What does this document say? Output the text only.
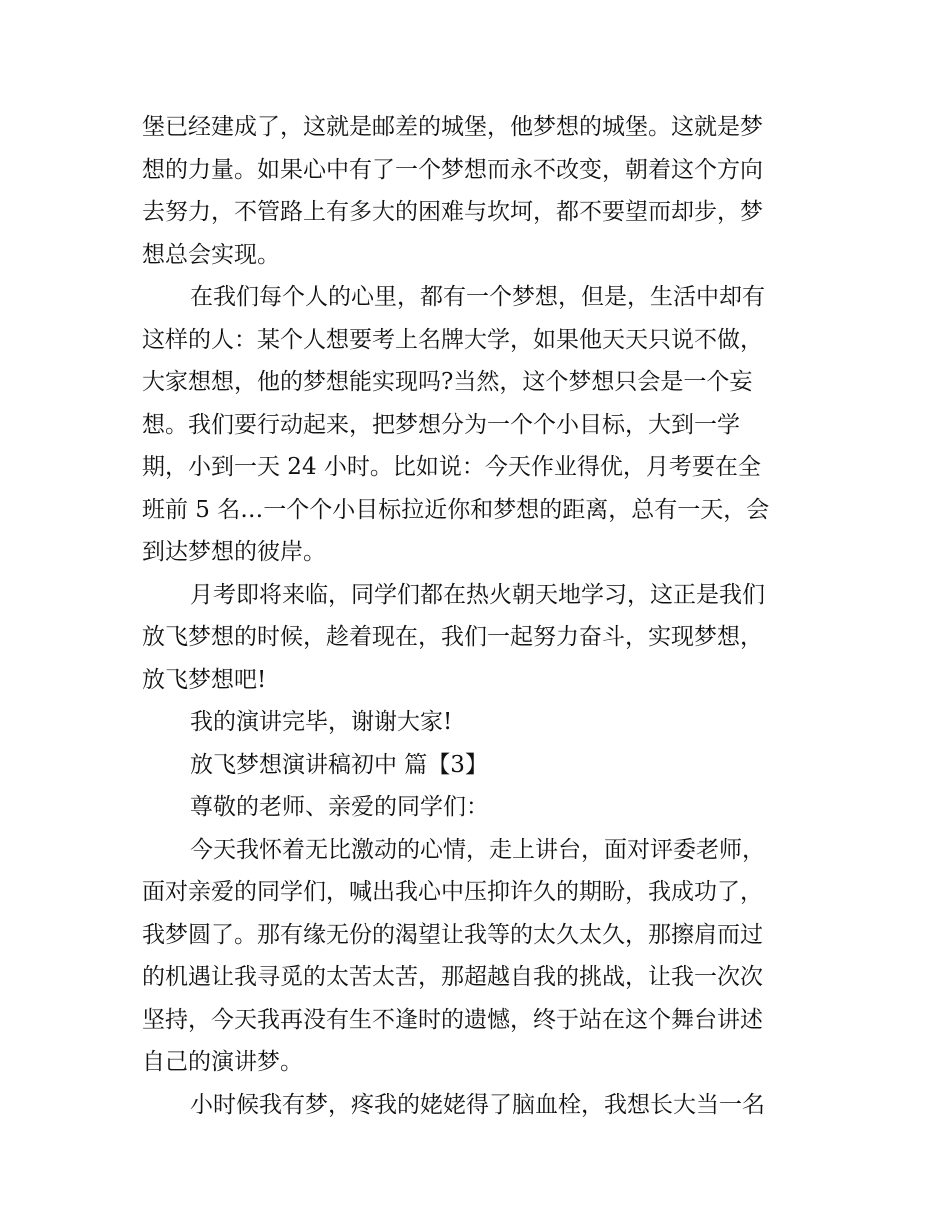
堡已经建成了，这就是邮差的城堡，他梦想的城堡。这就是梦
想的力量。如果心中有了一个梦想而永不改变，朝着这个方向
去努力，不管路上有多大的困难与坎坷，都不要望而却步，梦
想总会实现。
在我们每个人的心里，都有一个梦想，但是，生活中却有
这样的人：某个人想要考上名牌大学，如果他天天只说不做，
大家想想，他的梦想能实现吗?当然，这个梦想只会是一个妄
想。我们要行动起来，把梦想分为一个个小目标，大到一学
期，小到一天 24 小时。比如说：今天作业得优，月考要在全
班前 5 名…一个个小目标拉近你和梦想的距离，总有一天，会
到达梦想的彼岸。
月考即将来临，同学们都在热火朝天地学习，这正是我们
放飞梦想的时候，趁着现在，我们一起努力奋斗，实现梦想，
放飞梦想吧!
我的演讲完毕，谢谢大家!
放飞梦想演讲稿初中 篇【3】
尊敬的老师、亲爱的同学们：
今天我怀着无比激动的心情，走上讲台，面对评委老师，
面对亲爱的同学们，喊出我心中压抑许久的期盼，我成功了，
我梦圆了。那有缘无份的渴望让我等的太久太久，那擦肩而过
的机遇让我寻觅的太苦太苦，那超越自我的挑战，让我一次次
坚持，今天我再没有生不逢时的遗憾，终于站在这个舞台讲述
自己的演讲梦。
小时候我有梦，疼我的姥姥得了脑血栓，我想长大当一名
